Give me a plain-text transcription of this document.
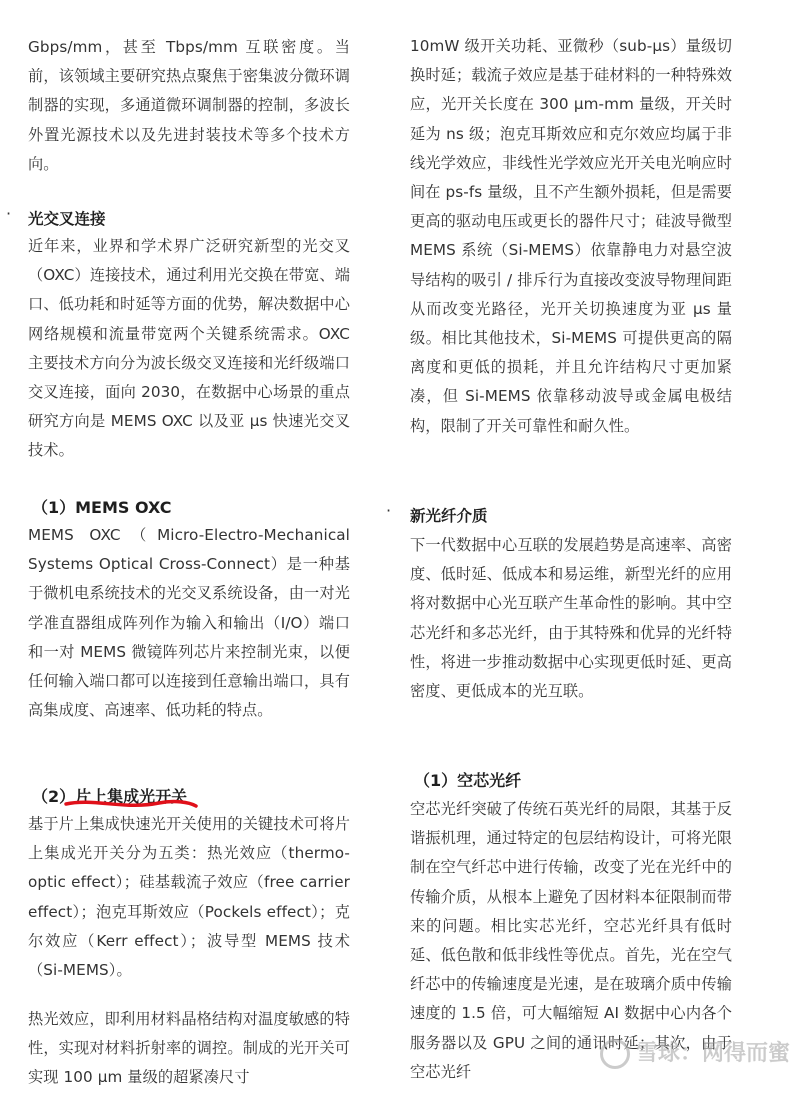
Gbps/mm，甚至 Tbps/mm 互联密度。当前，该领域主要研究热点聚焦于密集波分微环调制器的实现，多通道微环调制器的控制，多波长外置光源技术以及先进封装技术等多个技术方向。

· 光交叉连接

近年来，业界和学术界广泛研究新型的光交叉（OXC）连接技术，通过利用光交换在带宽、端口、低功耗和时延等方面的优势，解决数据中心网络规模和流量带宽两个关键系统需求。OXC 主要技术方向分为波长级交叉连接和光纤级端口交叉连接，面向 2030，在数据中心场景的重点研究方向是 MEMS OXC 以及亚 μs 快速光交叉技术。

（1）MEMS OXC

MEMS OXC（Micro-Electro-Mechanical Systems Optical Cross-Connect）是一种基于微机电系统技术的光交叉系统设备，由一对光学准直器组成阵列作为输入和输出（I/O）端口和一对 MEMS 微镜阵列芯片来控制光束，以便任何输入端口都可以连接到任意输出端口，具有高集成度、高速率、低功耗的特点。

（2）片上集成光开关

基于片上集成快速光开关使用的关键技术可将片上集成光开关分为五类：热光效应（thermo-optic effect）；硅基载流子效应（free carrier effect）；泡克耳斯效应（Pockels effect）；克尔效应（Kerr effect）；波导型 MEMS 技术（Si-MEMS）。

热光效应，即利用材料晶格结构对温度敏感的特性，实现对材料折射率的调控。制成的光开关可实现 100 μm 量级的超紧凑尺寸

10mW 级开关功耗、亚微秒（sub-μs）量级切换时延；载流子效应是基于硅材料的一种特殊效应，光开关长度在 300 μm-mm 量级，开关时延为 ns 级；泡克耳斯效应和克尔效应均属于非线光学效应，非线性光学效应光开关电光响应时间在 ps-fs 量级，且不产生额外损耗，但是需要更高的驱动电压或更长的器件尺寸；硅波导微型 MEMS 系统（Si-MEMS）依靠静电力对悬空波导结构的吸引 / 排斥行为直接改变波导物理间距从而改变光路径，光开关切换速度为亚 μs 量级。相比其他技术，Si-MEMS 可提供更高的隔离度和更低的损耗，并且允许结构尺寸更加紧凑，但 Si-MEMS 依靠移动波导或金属电极结构，限制了开关可靠性和耐久性。

· 新光纤介质

下一代数据中心互联的发展趋势是高速率、高密度、低时延、低成本和易运维，新型光纤的应用将对数据中心光互联产生革命性的影响。其中空芯光纤和多芯光纤，由于其特殊和优异的光纤特性，将进一步推动数据中心实现更低时延、更高密度、更低成本的光互联。

（1）空芯光纤

空芯光纤突破了传统石英光纤的局限，其基于反谐振机理，通过特定的包层结构设计，可将光限制在空气纤芯中进行传输，改变了光在光纤中的传输介质，从根本上避免了因材料本征限制而带来的问题。相比实芯光纤，空芯光纤具有低时延、低色散和低非线性等优点。首先，光在空气纤芯中的传输速度是光速，是在玻璃介质中传输速度的 1.5 倍，可大幅缩短 AI 数据中心内各个服务器以及 GPU 之间的通讯时延；其次，由于空芯光纤

雪球：网得而蜜
